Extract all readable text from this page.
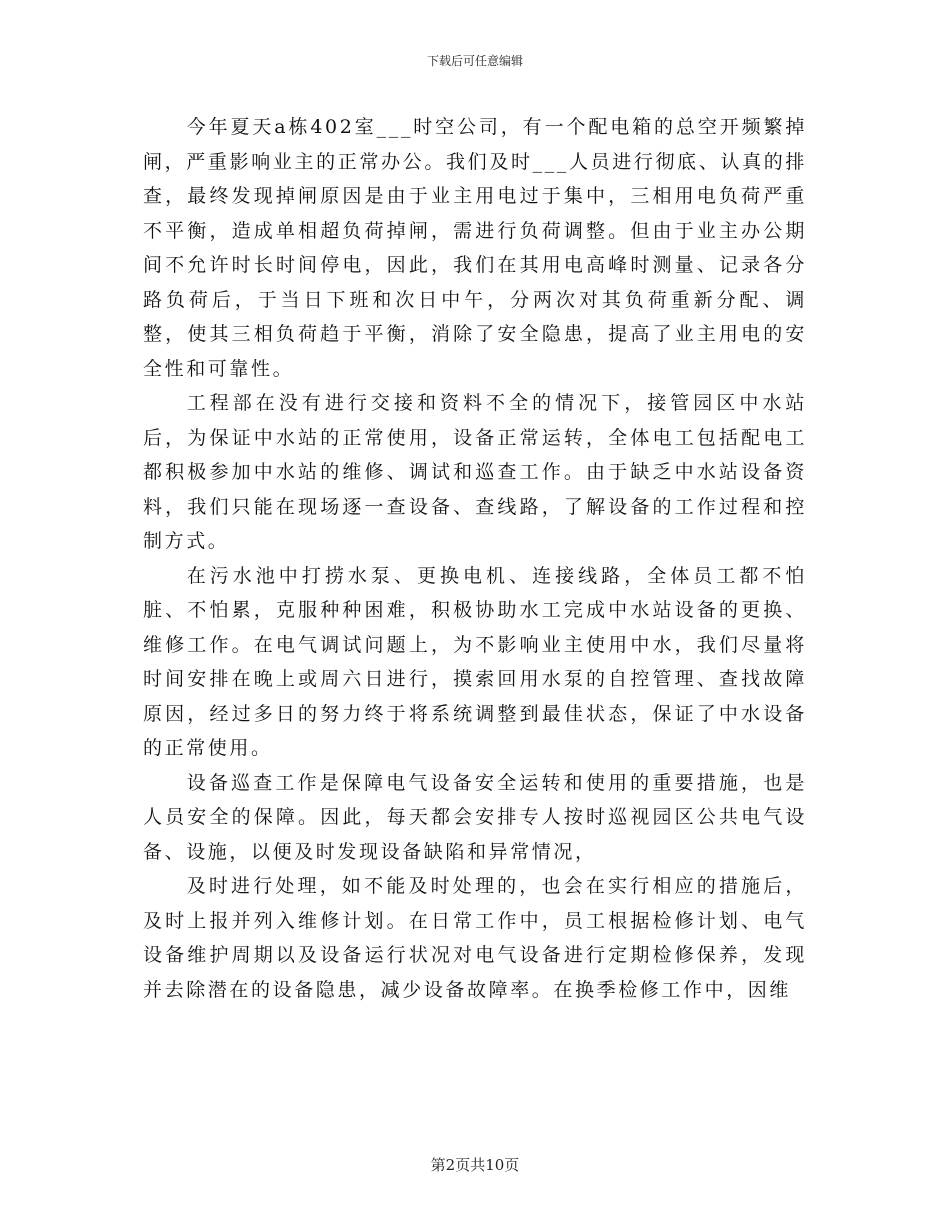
下载后可任意编辑

今年夏天a栋402室___时空公司，有一个配电箱的总空开频繁掉闸，严重影响业主的正常办公。我们及时___人员进行彻底、认真的排查，最终发现掉闸原因是由于业主用电过于集中，三相用电负荷严重不平衡，造成单相超负荷掉闸，需进行负荷调整。但由于业主办公期间不允许时长时间停电，因此，我们在其用电高峰时测量、记录各分路负荷后，于当日下班和次日中午，分两次对其负荷重新分配、调整，使其三相负荷趋于平衡，消除了安全隐患，提高了业主用电的安全性和可靠性。

工程部在没有进行交接和资料不全的情况下，接管园区中水站后，为保证中水站的正常使用，设备正常运转，全体电工包括配电工都积极参加中水站的维修、调试和巡查工作。由于缺乏中水站设备资料，我们只能在现场逐一查设备、查线路，了解设备的工作过程和控制方式。

在污水池中打捞水泵、更换电机、连接线路，全体员工都不怕脏、不怕累，克服种种困难，积极协助水工完成中水站设备的更换、维修工作。在电气调试问题上，为不影响业主使用中水，我们尽量将时间安排在晚上或周六日进行，摸索回用水泵的自控管理、查找故障原因，经过多日的努力终于将系统调整到最佳状态，保证了中水设备的正常使用。

设备巡查工作是保障电气设备安全运转和使用的重要措施，也是人员安全的保障。因此，每天都会安排专人按时巡视园区公共电气设备、设施，以便及时发现设备缺陷和异常情况，

及时进行处理，如不能及时处理的，也会在实行相应的措施后，及时上报并列入维修计划。在日常工作中，员工根据检修计划、电气设备维护周期以及设备运行状况对电气设备进行定期检修保养，发现并去除潜在的设备隐患，减少设备故障率。在换季检修工作中，因维

第2页共10页
